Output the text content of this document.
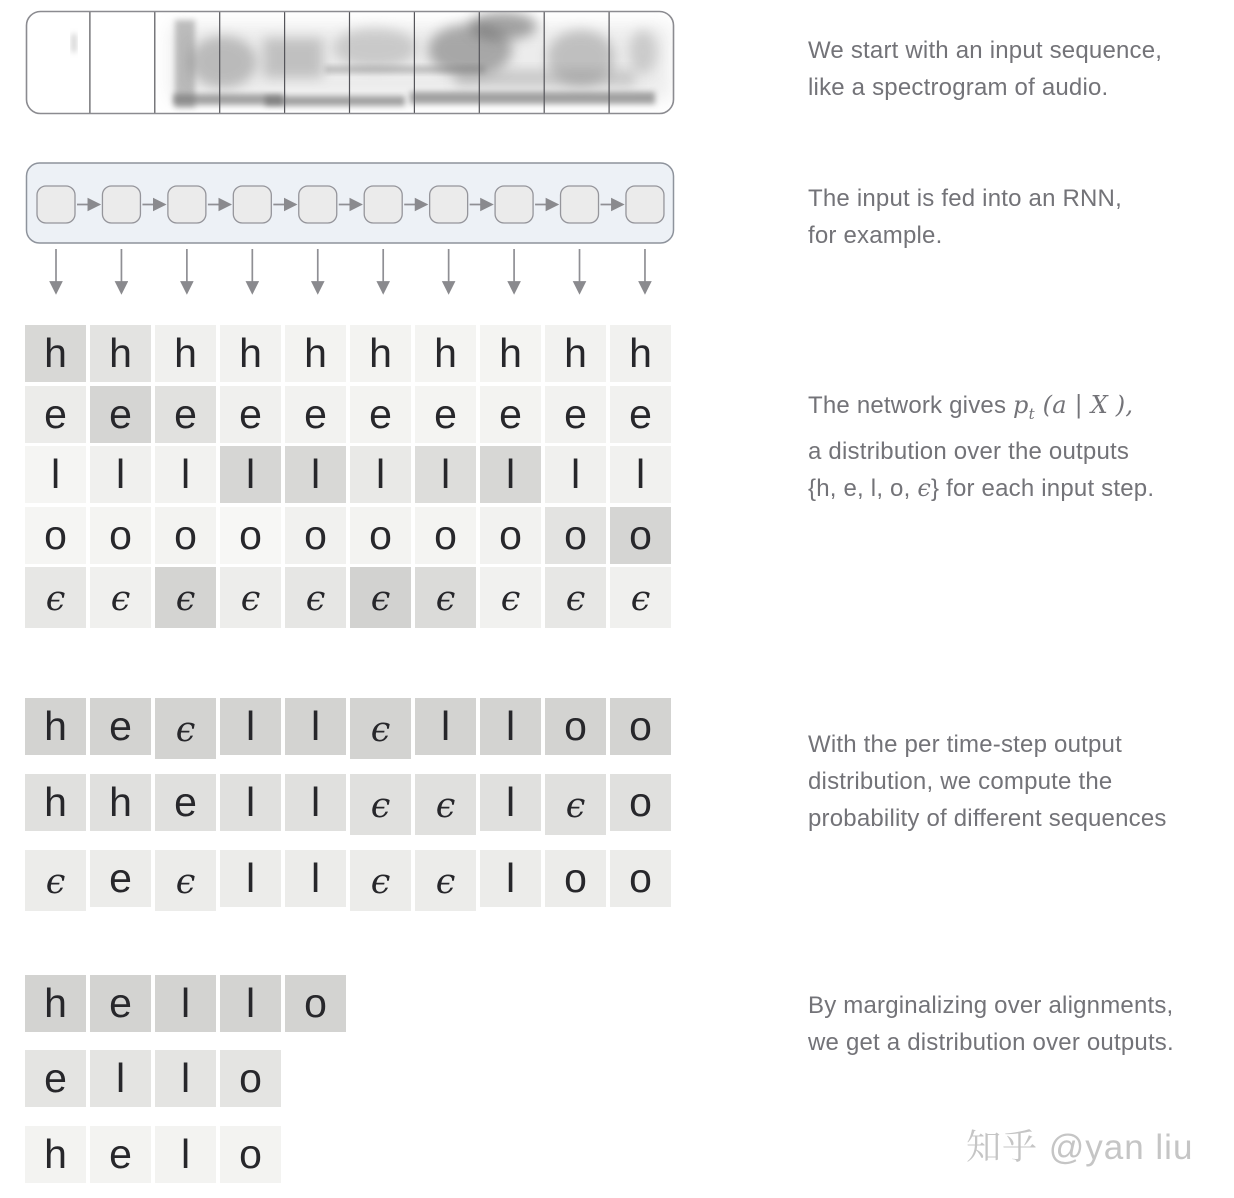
h	h	h	h	h	h	h	h	h	h
e	e	e	e	e	e	e	e	e	e
l	l	l	l	l	l	l	l	l	l
o	o	o	o	o	o	o	o	o	o
ϵ	ϵ	ϵ	ϵ	ϵ	ϵ	ϵ	ϵ	ϵ	ϵ
h	e	ϵ	l	l	ϵ	l	l	o	o
h	h	e	l	l	ϵ	ϵ	l	ϵ	o
ϵ	e	ϵ	l	l	ϵ	ϵ	l	o	o
h	e	l	l	o
e	l	l	o
h	e	l	o
We start with an input sequence,
like a spectrogram of audio.
The input is fed into an RNN,
for example.
The network gives $p_t$ (a | X ),
a distribution over the outputs
{h, e, l, o, ϵ} for each input step.
With the per time-step output
distribution, we compute the
probability of different sequences
By marginalizing over alignments,
we get a distribution over outputs.
知乎 @yan liu
